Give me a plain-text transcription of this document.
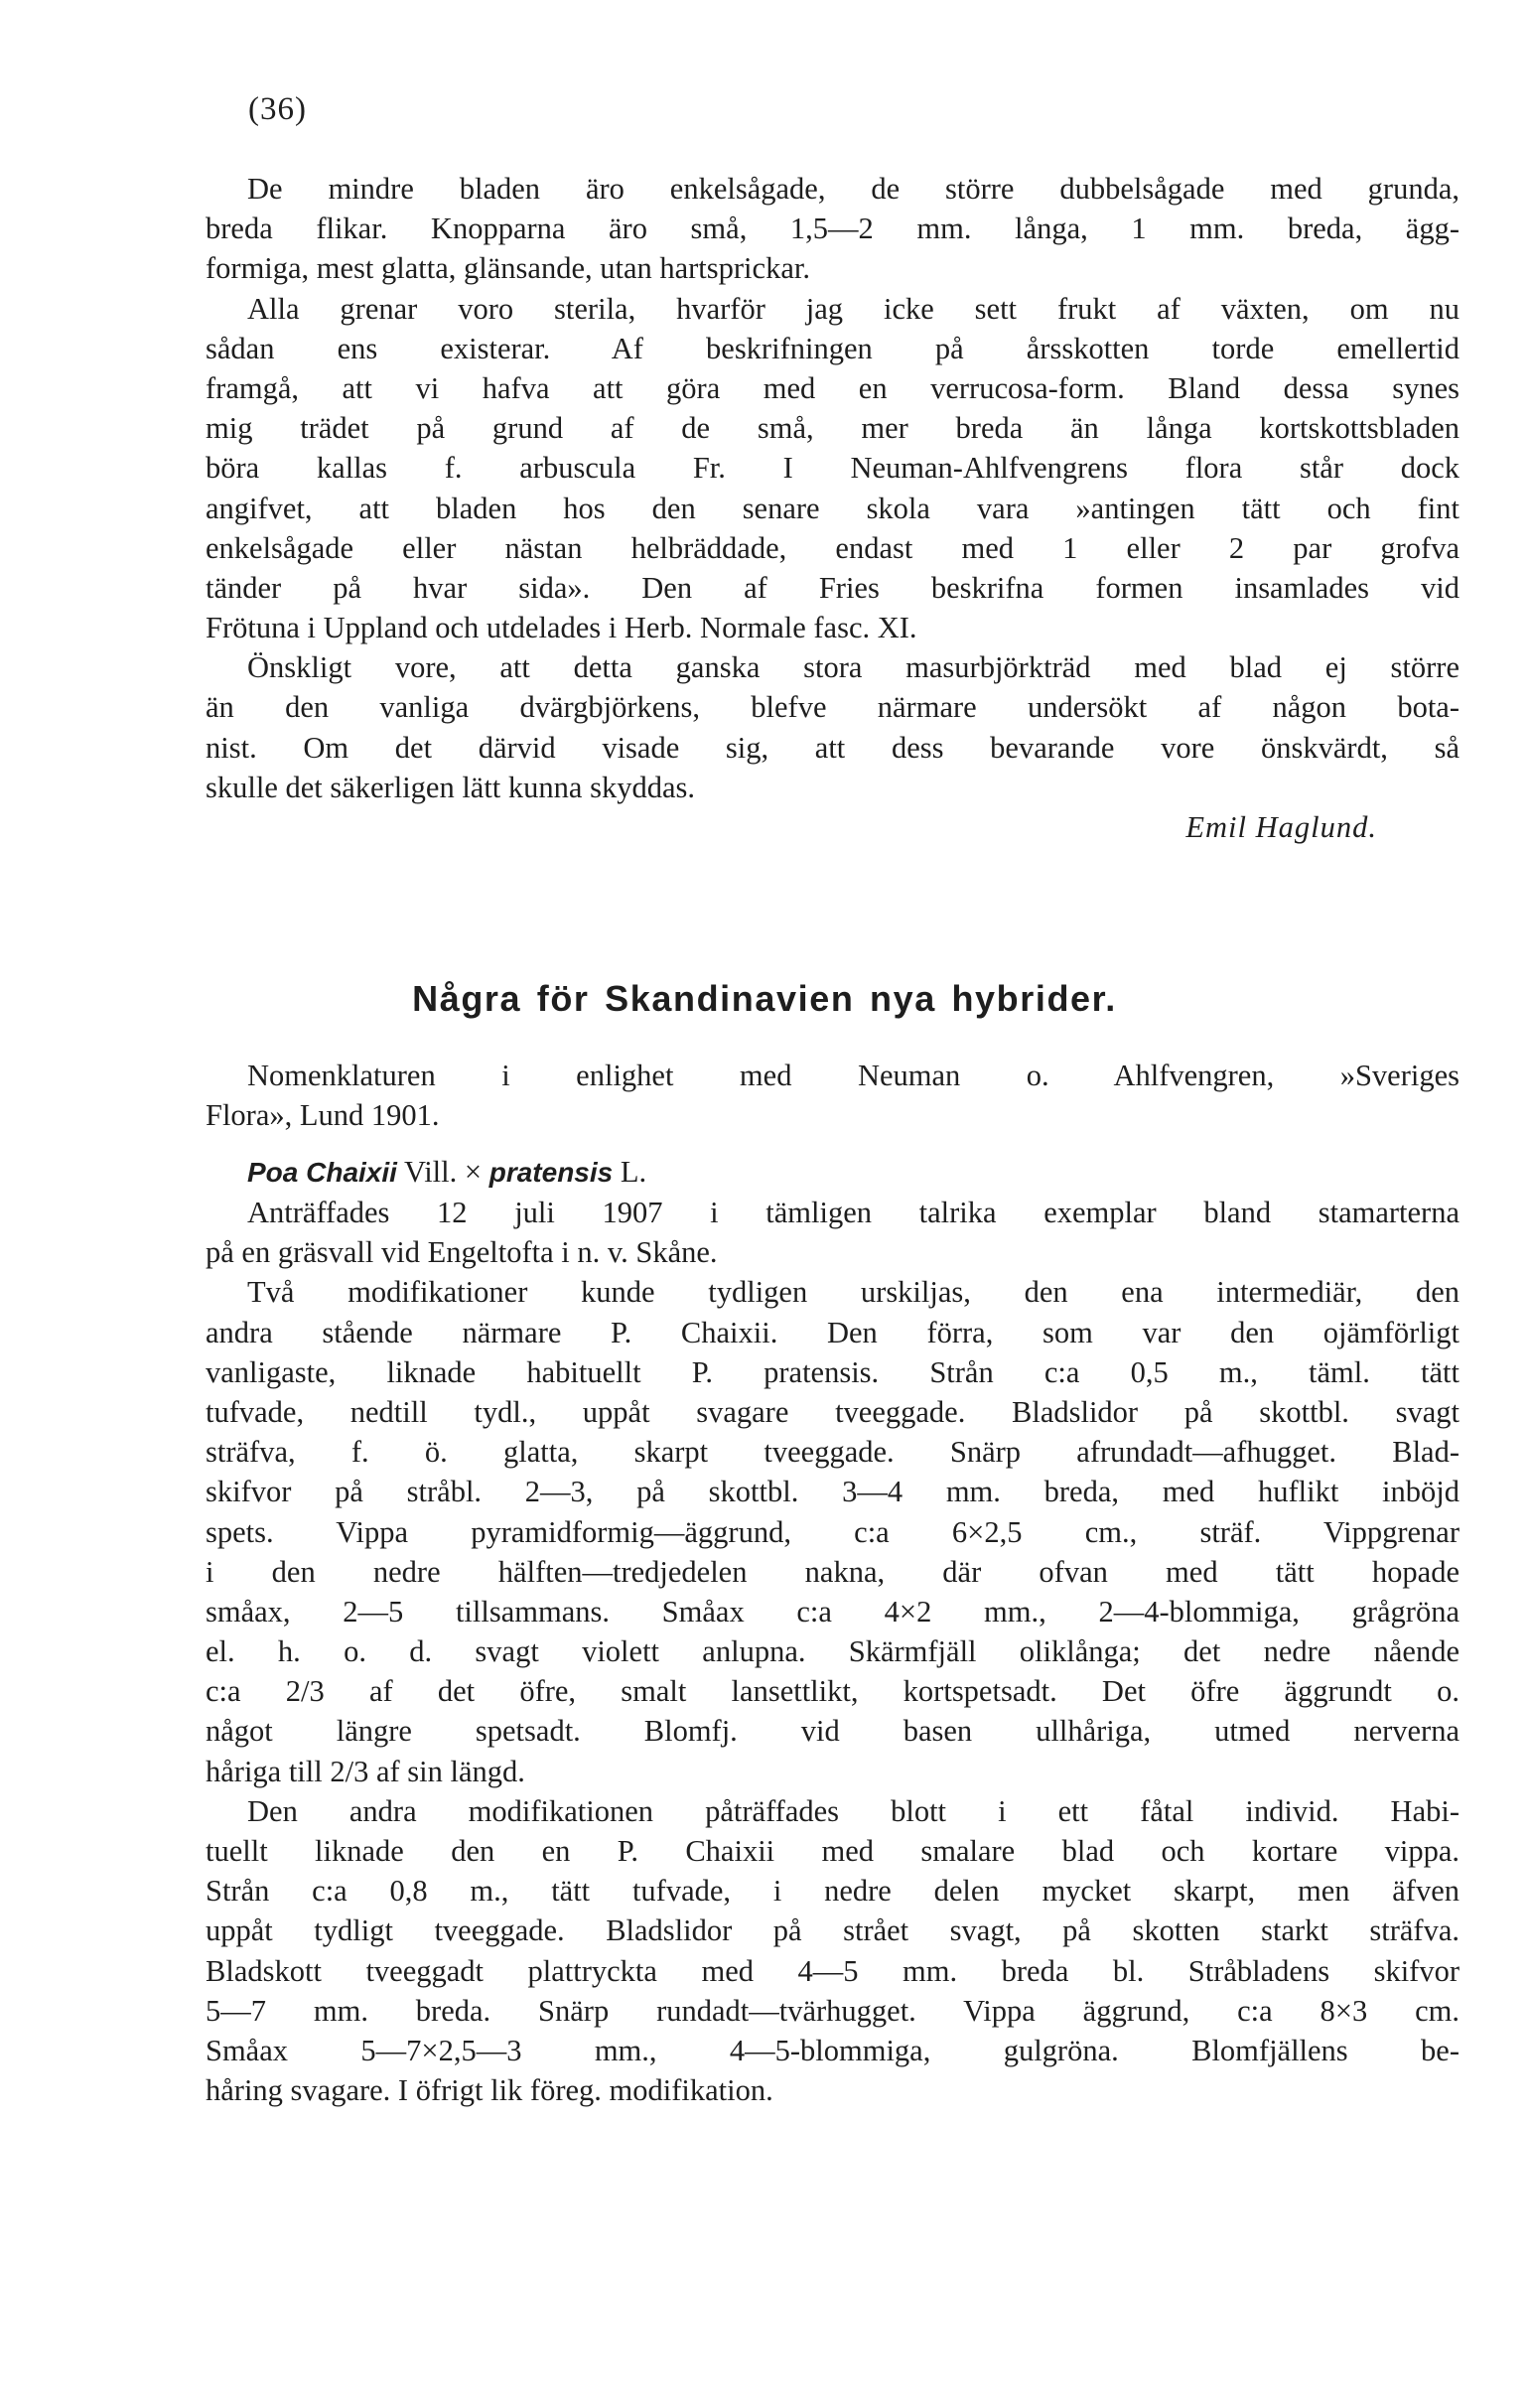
(36)
De mindre bladen äro enkelsågade, de större dubbelsågade med grunda,
breda flikar. Knopparna äro små, 1,5—2 mm. långa, 1 mm. breda, ägg-
formiga, mest glatta, glänsande, utan hartsprickar.
Alla grenar voro sterila, hvarför jag icke sett frukt af växten, om nu
sådan ens existerar. Af beskrifningen på årsskotten torde emellertid
framgå, att vi hafva att göra med en verrucosa-form. Bland dessa synes
mig trädet på grund af de små, mer breda än långa kortskottsbladen
böra kallas f. arbuscula Fr. I Neuman-Ahlfvengrens flora står dock
angifvet, att bladen hos den senare skola vara »antingen tätt och fint
enkelsågade eller nästan helbräddade, endast med 1 eller 2 par grofva
tänder på hvar sida». Den af Fries beskrifna formen insamlades vid
Frötuna i Uppland och utdelades i Herb. Normale fasc. XI.
Önskligt vore, att detta ganska stora masurbjörkträd med blad ej större
än den vanliga dvärgbjörkens, blefve närmare undersökt af någon bota-
nist. Om det därvid visade sig, att dess bevarande vore önskvärdt, så
skulle det säkerligen lätt kunna skyddas.
Emil Haglund.
Några för Skandinavien nya hybrider.
Nomenklaturen i enlighet med Neuman o. Ahlfvengren, »Sveriges
Flora», Lund 1901.
Poa Chaixii Vill. × pratensis L.
Anträffades 12 juli 1907 i tämligen talrika exemplar bland stamarterna
på en gräsvall vid Engeltofta i n. v. Skåne.
Två modifikationer kunde tydligen urskiljas, den ena intermediär, den
andra stående närmare P. Chaixii. Den förra, som var den ojämförligt
vanligaste, liknade habituellt P. pratensis. Strån c:a 0,5 m., täml. tätt
tufvade, nedtill tydl., uppåt svagare tveeggade. Bladslidor på skottbl. svagt
sträfva, f. ö. glatta, skarpt tveeggade. Snärp afrundadt—afhugget. Blad-
skifvor på stråbl. 2—3, på skottbl. 3—4 mm. breda, med huflikt inböjd
spets. Vippa pyramidformig—äggrund, c:a 6×2,5 cm., sträf. Vippgrenar
i den nedre hälften—tredjedelen nakna, där ofvan med tätt hopade
småax, 2—5 tillsammans. Småax c:a 4×2 mm., 2—4-blommiga, grågröna
el. h. o. d. svagt violett anlupna. Skärmfjäll oliklånga; det nedre nående
c:a 2/3 af det öfre, smalt lansettlikt, kortspetsadt. Det öfre äggrundt o.
något längre spetsadt. Blomfj. vid basen ullhåriga, utmed nerverna
håriga till 2/3 af sin längd.
Den andra modifikationen påträffades blott i ett fåtal individ. Habi-
tuellt liknade den en P. Chaixii med smalare blad och kortare vippa.
Strån c:a 0,8 m., tätt tufvade, i nedre delen mycket skarpt, men äfven
uppåt tydligt tveeggade. Bladslidor på strået svagt, på skotten starkt sträfva.
Bladskott tveeggadt plattryckta med 4—5 mm. breda bl. Stråbladens skifvor
5—7 mm. breda. Snärp rundadt—tvärhugget. Vippa äggrund, c:a 8×3 cm.
Småax 5—7×2,5—3 mm., 4—5-blommiga, gulgröna. Blomfjällens be-
håring svagare. I öfrigt lik föreg. modifikation.
